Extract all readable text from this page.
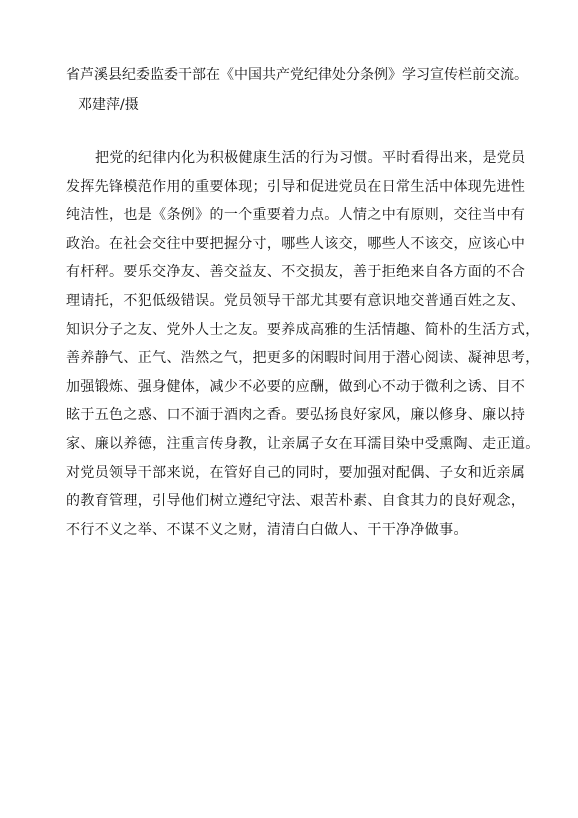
省芦溪县纪委监委干部在《中国共产党纪律处分条例》学习宣传栏前交流。
邓建萍/摄
把党的纪律内化为积极健康生活的行为习惯。平时看得出来，是党员
发挥先锋模范作用的重要体现；引导和促进党员在日常生活中体现先进性
纯洁性，也是《条例》的一个重要着力点。人情之中有原则，交往当中有
政治。在社会交往中要把握分寸，哪些人该交，哪些人不该交，应该心中
有杆秤。要乐交净友、善交益友、不交损友，善于拒绝来自各方面的不合
理请托，不犯低级错误。党员领导干部尤其要有意识地交普通百姓之友、
知识分子之友、党外人士之友。要养成高雅的生活情趣、简朴的生活方式，
善养静气、正气、浩然之气，把更多的闲暇时间用于潜心阅读、凝神思考，
加强锻炼、强身健体，减少不必要的应酬，做到心不动于微利之诱、目不
眩于五色之惑、口不湎于酒肉之香。要弘扬良好家风，廉以修身、廉以持
家、廉以养德，注重言传身教，让亲属子女在耳濡目染中受熏陶、走正道。
对党员领导干部来说，在管好自己的同时，要加强对配偶、子女和近亲属
的教育管理，引导他们树立遵纪守法、艰苦朴素、自食其力的良好观念，
不行不义之举、不谋不义之财，清清白白做人、干干净净做事。
